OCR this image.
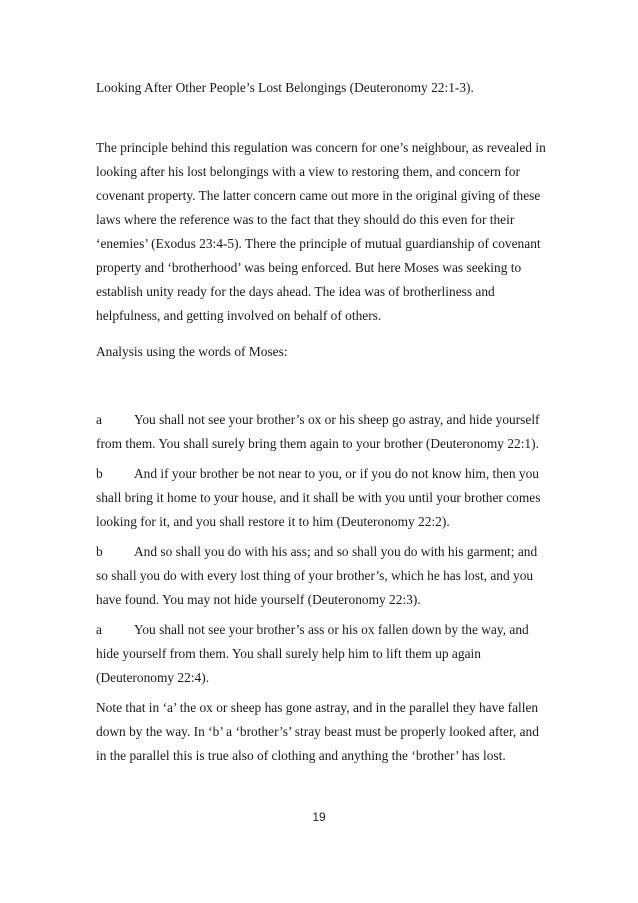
Looking After Other People’s Lost Belongings (Deuteronomy 22:1-3).

The principle behind this regulation was concern for one’s neighbour, as revealed in looking after his lost belongings with a view to restoring them, and concern for covenant property. The latter concern came out more in the original giving of these laws where the reference was to the fact that they should do this even for their ‘enemies’ (Exodus 23:4-5). There the principle of mutual guardianship of covenant property and ‘brotherhood’ was being enforced. But here Moses was seeking to establish unity ready for the days ahead. The idea was of brotherliness and helpfulness, and getting involved on behalf of others.

Analysis using the words of Moses:

a You shall not see your brother’s ox or his sheep go astray, and hide yourself from them. You shall surely bring them again to your brother (Deuteronomy 22:1).

b And if your brother be not near to you, or if you do not know him, then you shall bring it home to your house, and it shall be with you until your brother comes looking for it, and you shall restore it to him (Deuteronomy 22:2).

b And so shall you do with his ass; and so shall you do with his garment; and so shall you do with every lost thing of your brother’s, which he has lost, and you have found. You may not hide yourself (Deuteronomy 22:3).

a You shall not see your brother’s ass or his ox fallen down by the way, and hide yourself from them. You shall surely help him to lift them up again (Deuteronomy 22:4).

Note that in ‘a’ the ox or sheep has gone astray, and in the parallel they have fallen down by the way. In ‘b’ a ‘brother’s’ stray beast must be properly looked after, and in the parallel this is true also of clothing and anything the ‘brother’ has lost.

19
